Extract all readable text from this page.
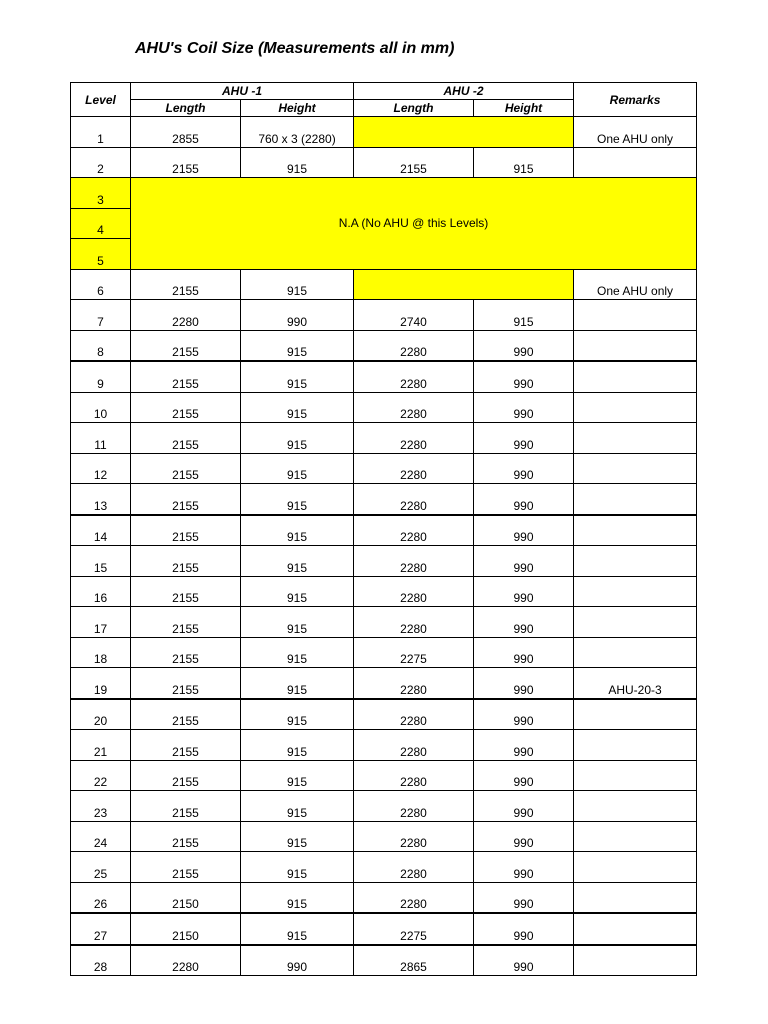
AHU's Coil Size (Measurements all in mm)
Level	AHU -1		AHU -2		Remarks
	Length	Height	Length	Height	
1	2855	760 x 3 (2280)			One AHU only
2	2155	915	2155	915	
3	N.A (No AHU @ this Levels)				
4					
5					
6	2155	915			One AHU only
7	2280	990	2740	915	
8	2155	915	2280	990	
9	2155	915	2280	990	
10	2155	915	2280	990	
11	2155	915	2280	990	
12	2155	915	2280	990	
13	2155	915	2280	990	
14	2155	915	2280	990	
15	2155	915	2280	990	
16	2155	915	2280	990	
17	2155	915	2280	990	
18	2155	915	2275	990	
19	2155	915	2280	990	AHU-20-3
20	2155	915	2280	990	
21	2155	915	2280	990	
22	2155	915	2280	990	
23	2155	915	2280	990	
24	2155	915	2280	990	
25	2155	915	2280	990	
26	2150	915	2280	990	
27	2150	915	2275	990	
28	2280	990	2865	990	
